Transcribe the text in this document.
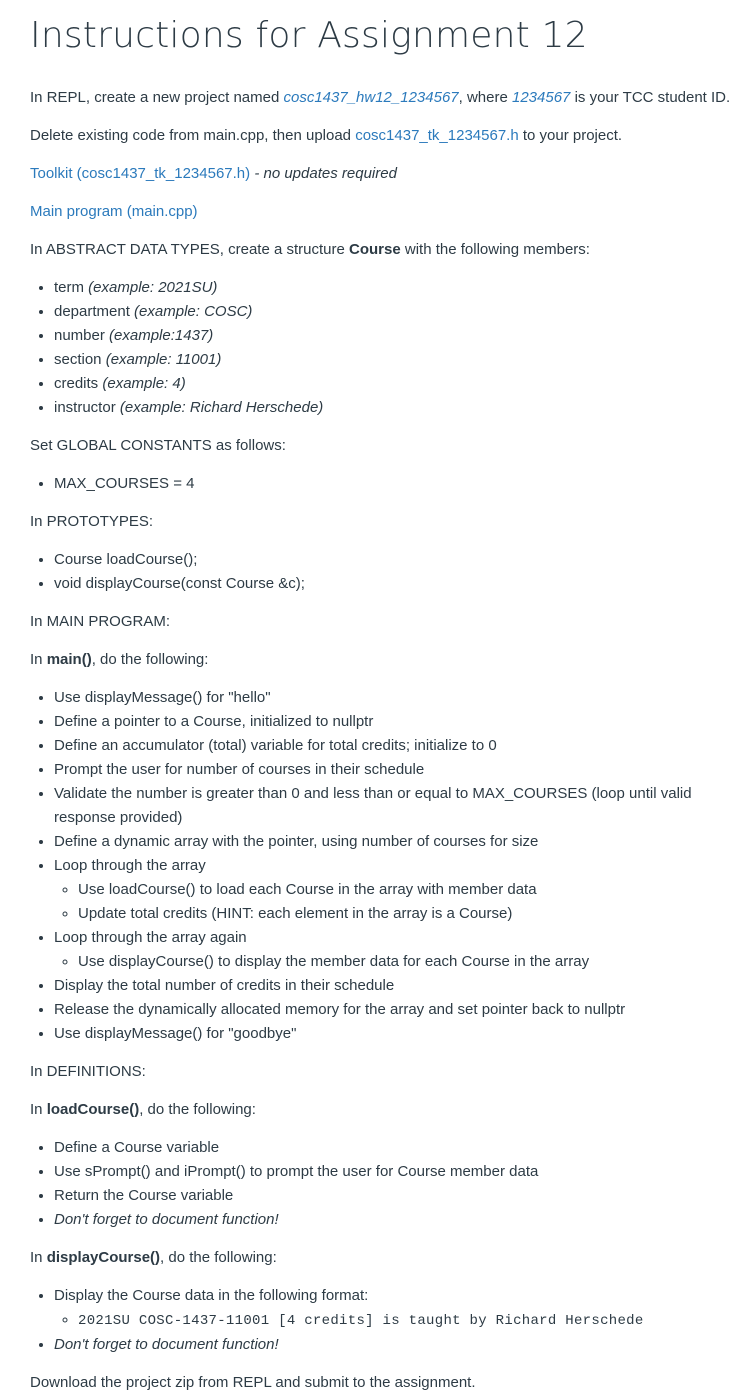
Instructions for Assignment 12

In REPL, create a new project named cosc1437_hw12_1234567, where 1234567 is your TCC student ID.

Delete existing code from main.cpp, then upload cosc1437_tk_1234567.h to your project.

Toolkit (cosc1437_tk_1234567.h) - no updates required

Main program (main.cpp)

In ABSTRACT DATA TYPES, create a structure Course with the following members:

• term (example: 2021SU)
• department (example: COSC)
• number (example:1437)
• section (example: 11001)
• credits (example: 4)
• instructor (example: Richard Herschede)

Set GLOBAL CONSTANTS as follows:

• MAX_COURSES = 4

In PROTOTYPES:

• Course loadCourse();
• void displayCourse(const Course &c);

In MAIN PROGRAM:

In main(), do the following:

• Use displayMessage() for "hello"
• Define a pointer to a Course, initialized to nullptr
• Define an accumulator (total) variable for total credits; initialize to 0
• Prompt the user for number of courses in their schedule
• Validate the number is greater than 0 and less than or equal to MAX_COURSES (loop until valid response provided)
• Define a dynamic array with the pointer, using number of courses for size
• Loop through the array
◦ Use loadCourse() to load each Course in the array with member data
◦ Update total credits (HINT: each element in the array is a Course)
• Loop through the array again
◦ Use displayCourse() to display the member data for each Course in the array
• Display the total number of credits in their schedule
• Release the dynamically allocated memory for the array and set pointer back to nullptr
• Use displayMessage() for "goodbye"

In DEFINITIONS:

In loadCourse(), do the following:

• Define a Course variable
• Use sPrompt() and iPrompt() to prompt the user for Course member data
• Return the Course variable
• Don't forget to document function!

In displayCourse(), do the following:

• Display the Course data in the following format:
◦ 2021SU COSC-1437-11001 [4 credits] is taught by Richard Herschede
• Don't forget to document function!

Download the project zip from REPL and submit to the assignment.
